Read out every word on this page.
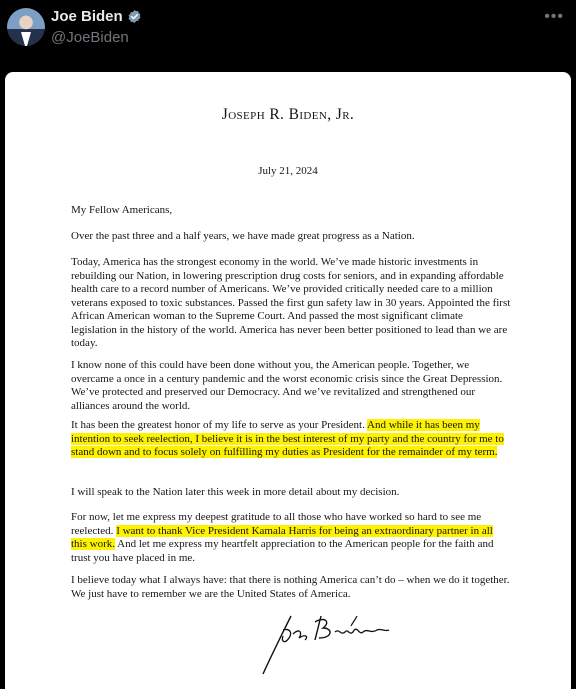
Joe Biden
@JoeBiden
•••
Joseph R. Biden, Jr.
July 21, 2024

My Fellow Americans,

Over the past three and a half years, we have made great progress as a Nation.

Today, America has the strongest economy in the world. We’ve made historic investments in rebuilding our Nation, in lowering prescription drug costs for seniors, and in expanding affordable health care to a record number of Americans. We’ve provided critically needed care to a million veterans exposed to toxic substances. Passed the first gun safety law in 30 years. Appointed the first African American woman to the Supreme Court. And passed the most significant climate legislation in the history of the world. America has never been better positioned to lead than we are today.

I know none of this could have been done without you, the American people. Together, we overcame a once in a century pandemic and the worst economic crisis since the Great Depression. We’ve protected and preserved our Democracy. And we’ve revitalized and strengthened our alliances around the world.

It has been the greatest honor of my life to serve as your President. And while it has been my intention to seek reelection, I believe it is in the best interest of my party and the country for me to stand down and to focus solely on fulfilling my duties as President for the remainder of my term.

I will speak to the Nation later this week in more detail about my decision.

For now, let me express my deepest gratitude to all those who have worked so hard to see me reelected. I want to thank Vice President Kamala Harris for being an extraordinary partner in all this work. And let me express my heartfelt appreciation to the American people for the faith and trust you have placed in me.

I believe today what I always have: that there is nothing America can’t do – when we do it together. We just have to remember we are the United States of America.
